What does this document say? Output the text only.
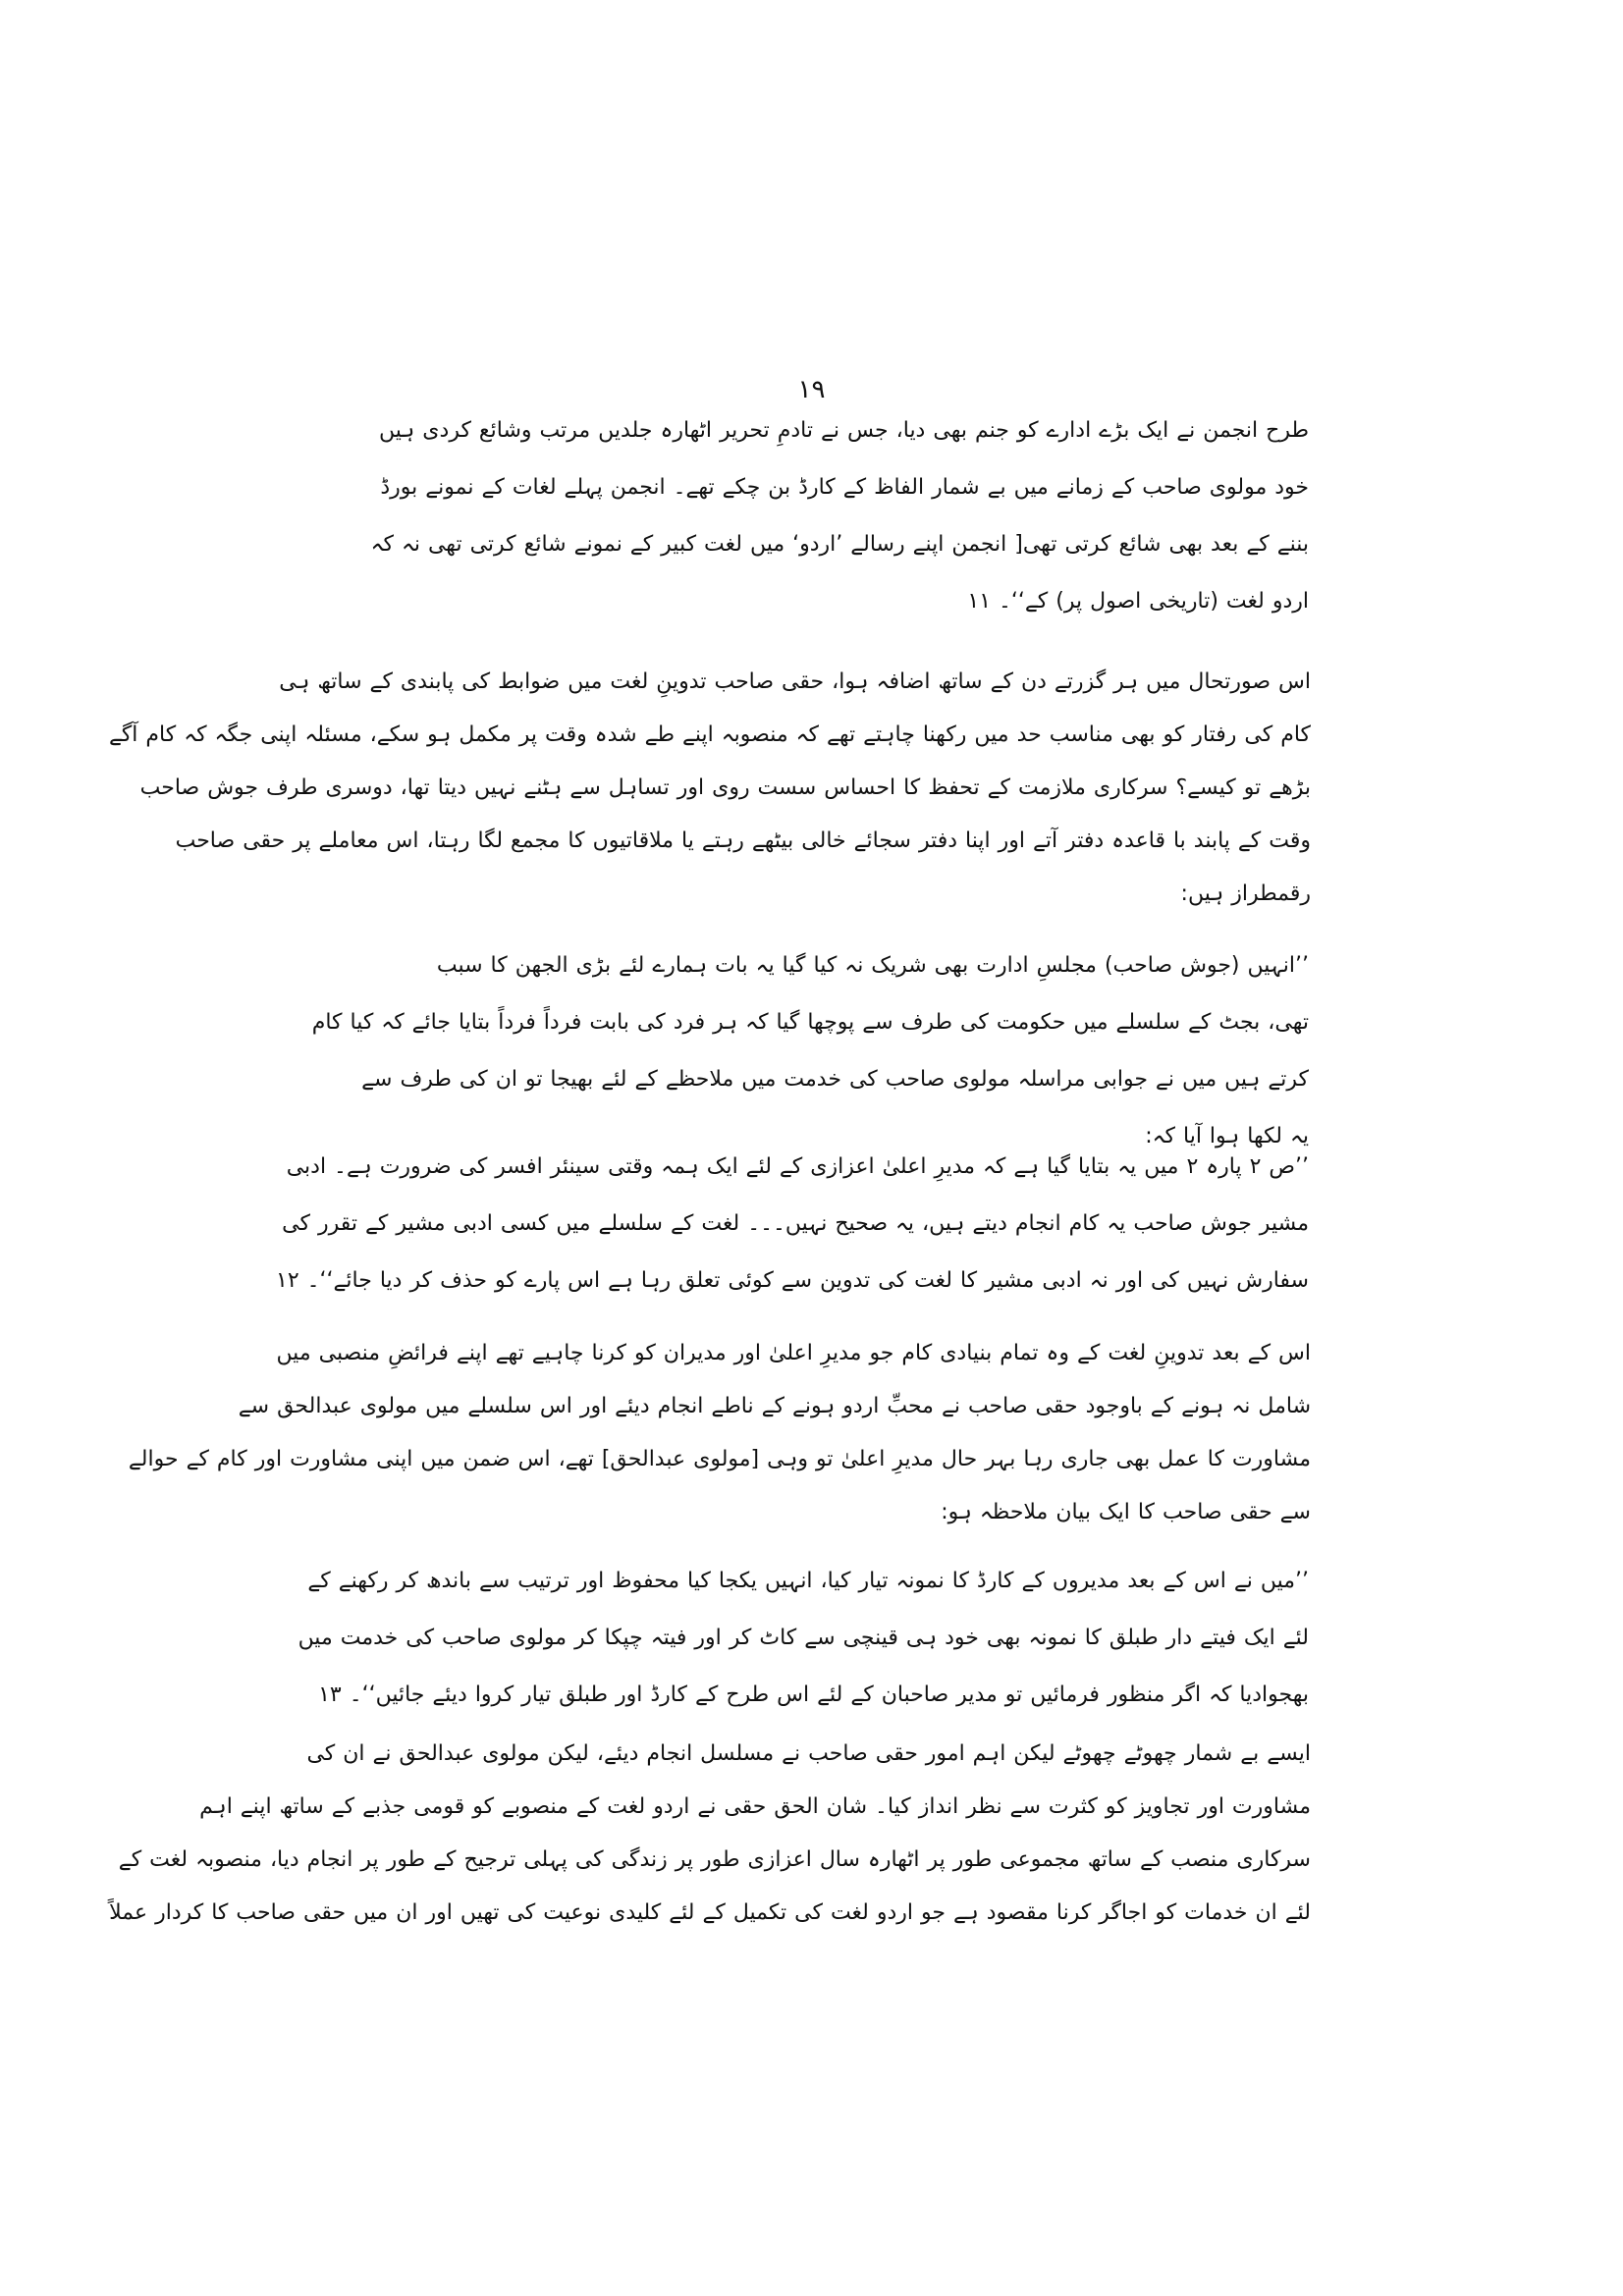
۱۹
طرح انجمن نے ایک بڑے ادارے کو جنم بھی دیا، جس نے تادمِ تحریر اٹھارہ جلدیں مرتب وشائع کردی ہیں
خود مولوی صاحب کے زمانے میں بے شمار الفاظ کے کارڈ بن چکے تھے۔ انجمن پہلے لغات کے نمونے بورڈ
بننے کے بعد بھی شائع کرتی تھی[ انجمن اپنے رسالے ’اردو‘ میں لغت کبیر کے نمونے شائع کرتی تھی نہ کہ
اردو لغت (تاریخی اصول پر) کے‘‘۔ ۱۱
اس صورتحال میں ہر گزرتے دن کے ساتھ اضافہ ہوا، حقی صاحب تدوینِ لغت میں ضوابط کی پابندی کے ساتھ ہی
کام کی رفتار کو بھی مناسب حد میں رکھنا چاہتے تھے کہ منصوبہ اپنے طے شدہ وقت پر مکمل ہو سکے، مسئلہ اپنی جگہ کہ کام آگے
بڑھے تو کیسے؟ سرکاری ملازمت کے تحفظ کا احساس سست روی اور تساہل سے ہٹنے نہیں دیتا تھا، دوسری طرف جوش صاحب
وقت کے پابند با قاعدہ دفتر آتے اور اپنا دفتر سجائے خالی بیٹھے رہتے یا ملاقاتیوں کا مجمع لگا رہتا، اس معاملے پر حقی صاحب
رقمطراز ہیں:
’’انہیں (جوش صاحب) مجلسِ ادارت بھی شریک نہ کیا گیا یہ بات ہمارے لئے بڑی الجھن کا سبب
تھی، بجٹ کے سلسلے میں حکومت کی طرف سے پوچھا گیا کہ ہر فرد کی بابت فرداً فرداً بتایا جائے کہ کیا کام
کرتے ہیں میں نے جوابی مراسلہ مولوی صاحب کی خدمت میں ملاحظے کے لئے بھیجا تو ان کی طرف سے
یہ لکھا ہوا آیا کہ:
’’ص ۲ پارہ ۲ میں یہ بتایا گیا ہے کہ مدیرِ اعلیٰ اعزازی کے لئے ایک ہمہ وقتی سینئر افسر کی ضرورت ہے۔ ادبی
مشیر جوش صاحب یہ کام انجام دیتے ہیں، یہ صحیح نہیں۔۔۔ لغت کے سلسلے میں کسی ادبی مشیر کے تقرر کی
سفارش نہیں کی اور نہ ادبی مشیر کا لغت کی تدوین سے کوئی تعلق رہا ہے اس پارے کو حذف کر دیا جائے‘‘۔ ۱۲
اس کے بعد تدوینِ لغت کے وہ تمام بنیادی کام جو مدیرِ اعلیٰ اور مدیران کو کرنا چاہیے تھے اپنے فرائضِ منصبی میں
شامل نہ ہونے کے باوجود حقی صاحب نے محبِّ اردو ہونے کے ناطے انجام دیئے اور اس سلسلے میں مولوی عبدالحق سے
مشاورت کا عمل بھی جاری رہا بہر حال مدیرِ اعلیٰ تو وہی [مولوی عبدالحق] تھے، اس ضمن میں اپنی مشاورت اور کام کے حوالے
سے حقی صاحب کا ایک بیان ملاحظہ ہو:
’’میں نے اس کے بعد مدیروں کے کارڈ کا نمونہ تیار کیا، انہیں یکجا کیا محفوظ اور ترتیب سے باندھ کر رکھنے کے
لئے ایک فیتے دار طبلق کا نمونہ بھی خود ہی قینچی سے کاٹ کر اور فیتہ چپکا کر مولوی صاحب کی خدمت میں
بھجوادیا کہ اگر منظور فرمائیں تو مدیر صاحبان کے لئے اس طرح کے کارڈ اور طبلق تیار کروا دیئے جائیں‘‘۔ ۱۳
ایسے بے شمار چھوٹے چھوٹے لیکن اہم امور حقی صاحب نے مسلسل انجام دیئے، لیکن مولوی عبدالحق نے ان کی
مشاورت اور تجاویز کو کثرت سے نظر انداز کیا۔ شان الحق حقی نے اردو لغت کے منصوبے کو قومی جذبے کے ساتھ اپنے اہم
سرکاری منصب کے ساتھ مجموعی طور پر اٹھارہ سال اعزازی طور پر زندگی کی پہلی ترجیح کے طور پر انجام دیا، منصوبہ لغت کے
لئے ان خدمات کو اجاگر کرنا مقصود ہے جو اردو لغت کی تکمیل کے لئے کلیدی نوعیت کی تھیں اور ان میں حقی صاحب کا کردار عملاً
